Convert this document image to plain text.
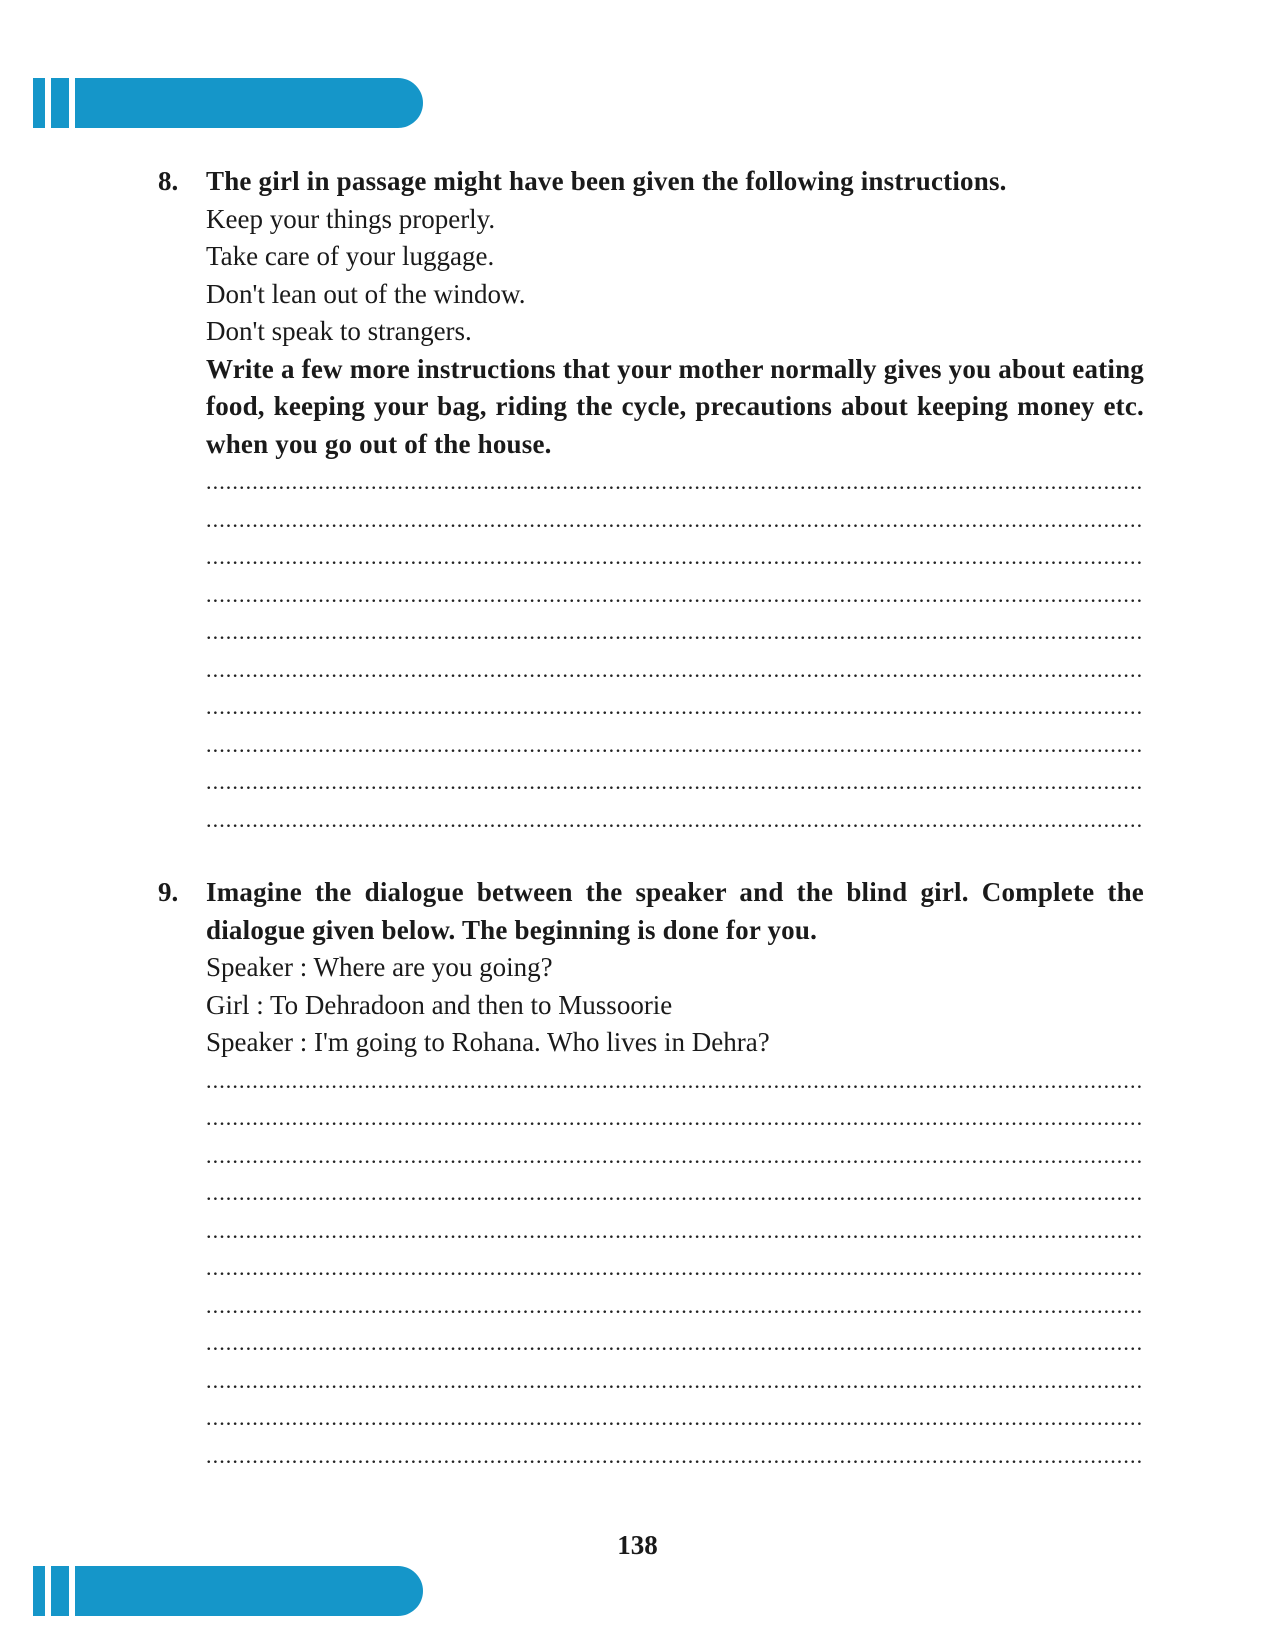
8. The girl in passage might have been given the following instructions.
Keep your things properly.
Take care of your luggage.
Don't lean out of the window.
Don't speak to strangers.
Write a few more instructions that your mother normally gives you about eating food, keeping your bag, riding the cycle, precautions about keeping money etc. when you go out of the house.
.....
.....
.....
.....
.....
.....
.....
.....
.....
.....
9. Imagine the dialogue between the speaker and the blind girl. Complete the dialogue given below. The beginning is done for you.
Speaker : Where are you going?
Girl : To Dehradoon and then to Mussoorie
Speaker : I'm going to Rohana. Who lives in Dehra?
.....
.....
.....
.....
.....
.....
.....
.....
.....
.....
.....
138
